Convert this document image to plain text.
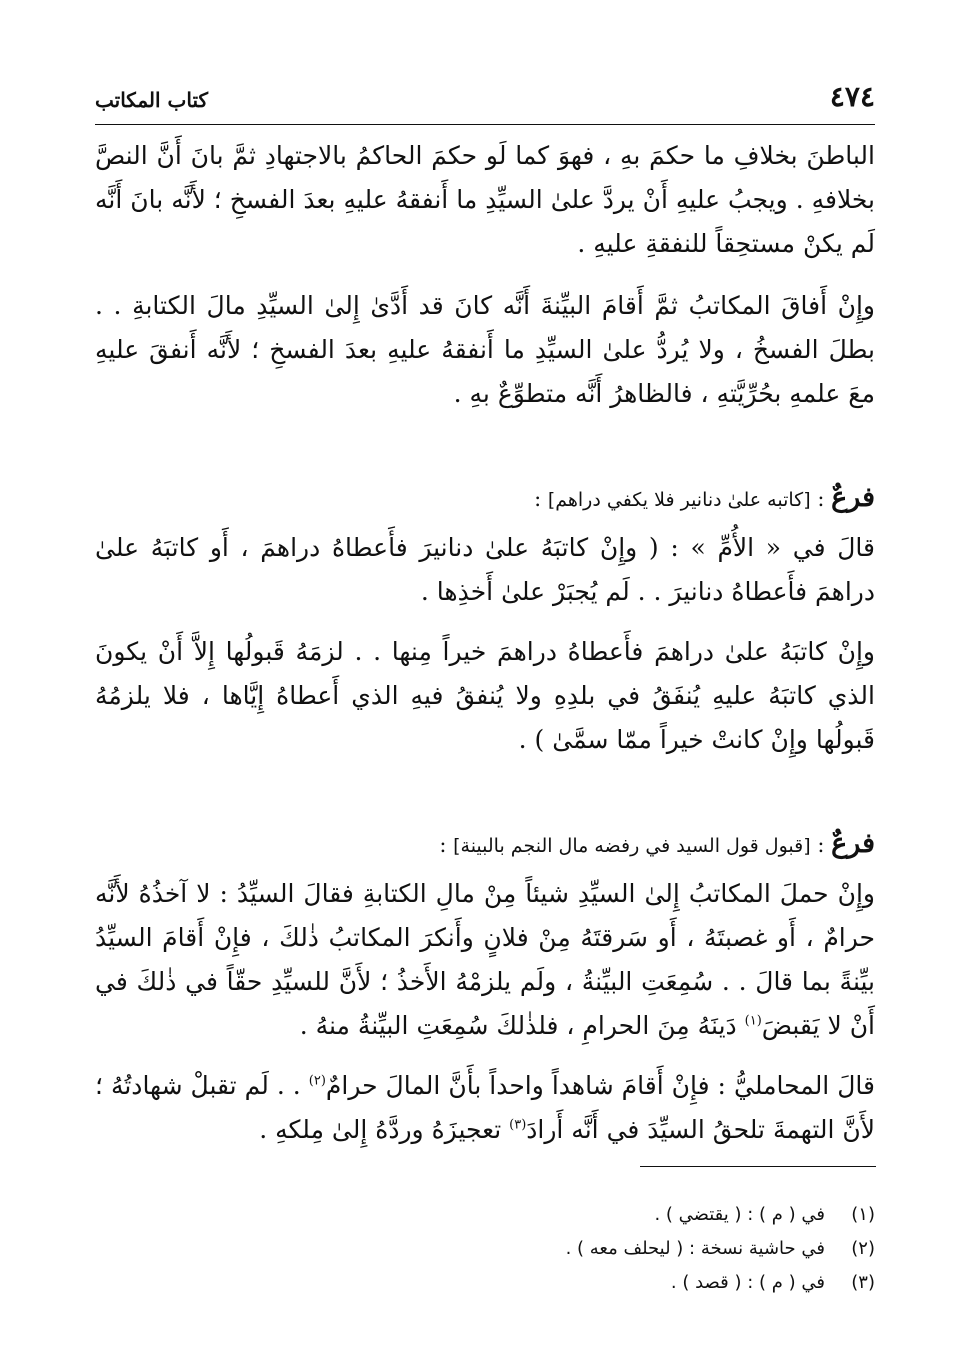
٤٧٤
كتاب المكاتب

الباطنَ بخلافِ ما حكمَ بهِ ، فهوَ كما لَو حكمَ الحاكمُ بالاجتهادِ ثمَّ بانَ أَنَّ النصَّ بخلافهِ . ويجبُ عليهِ أَنْ يردَّ علىٰ السيِّدِ ما أَنفقهُ عليهِ بعدَ الفسخِ ؛ لأَنَّه بانَ أَنَّه لَم يكنْ مستحِقاً للنفقةِ عليهِ .

وإِنْ أَفاقَ المكاتبُ ثمَّ أَقامَ البيِّنةَ أَنَّه كانَ قد أَدَّىٰ إِلىٰ السيِّدِ مالَ الكتابةِ . . بطلَ الفسخُ ، ولا يُردُّ علىٰ السيِّدِ ما أَنفقهُ عليهِ بعدَ الفسخِ ؛ لأَنَّه أَنفقَ عليهِ معَ علمهِ بحُرِّيَّتهِ ، فالظاهرُ أَنَّه متطوِّعٌ بهِ .

فرعٌ : [كاتبه علىٰ دنانير فلا يكفي دراهم] :

قالَ في « الأُمِّ » : ( وإِنْ كاتبَهُ علىٰ دنانيرَ فأَعطاهُ دراهمَ ، أَو كاتبَهُ علىٰ دراهمَ فأَعطاهُ دنانيرَ . . لَم يُجبَرْ علىٰ أَخذِها .

وإِنْ كاتبَهُ علىٰ دراهمَ فأَعطاهُ دراهمَ خيراً مِنها . . لزمَهُ قَبولُها إِلاَّ أَنْ يكونَ الذي كاتبَهُ عليهِ يُنفَقُ في بلدِهِ ولا يُنفقُ فيهِ الذي أَعطاهُ إِيَّاها ، فلا يلزمُهُ قَبولُها وإِنْ كانتْ خيراً ممّا سمَّىٰ ) .

فرعٌ : [قبول قول السيد في رفضه مال النجم بالبينة] :

وإِنْ حملَ المكاتبُ إِلىٰ السيِّدِ شيئاً مِنْ مالِ الكتابةِ فقالَ السيِّدُ : لا آخذُهُ لأَنَّه حرامٌ ، أَو غصبتَهُ ، أَو سَرقتَهُ مِنْ فلانٍ وأَنكرَ المكاتبُ ذٰلكَ ، فإِنْ أَقامَ السيِّدُ بيِّنةً بما قالَ . . سُمِعَتِ البيِّنةُ ، ولَم يلزمْهُ الأَخذُ ؛ لأَنَّ للسيِّدِ حقّاً في ذٰلكَ في أَنْ لا يَقبضَ$^{(١)}$ دَينَهُ مِنَ الحرامِ ، فلذٰلكَ سُمِعَتِ البيِّنةُ منهُ .

قالَ المحامليُّ : فإِنْ أَقامَ شاهداً واحداً بأَنَّ المالَ حرامٌ$^{(٢)}$ . . لَم تقبلْ شهادتُهُ ؛ لأَنَّ التهمةَ تلحقُ السيِّدَ في أَنَّه أَرادَ$^{(٣)}$ تعجيزَهُ وردَّهُ إِلىٰ مِلكهِ .

(١)
في ( م ) : ( يقتضي ) .
(٢)
في حاشية نسخة : ( ليحلف معه ) .
(٣)
في ( م ) : ( قصد ) .
